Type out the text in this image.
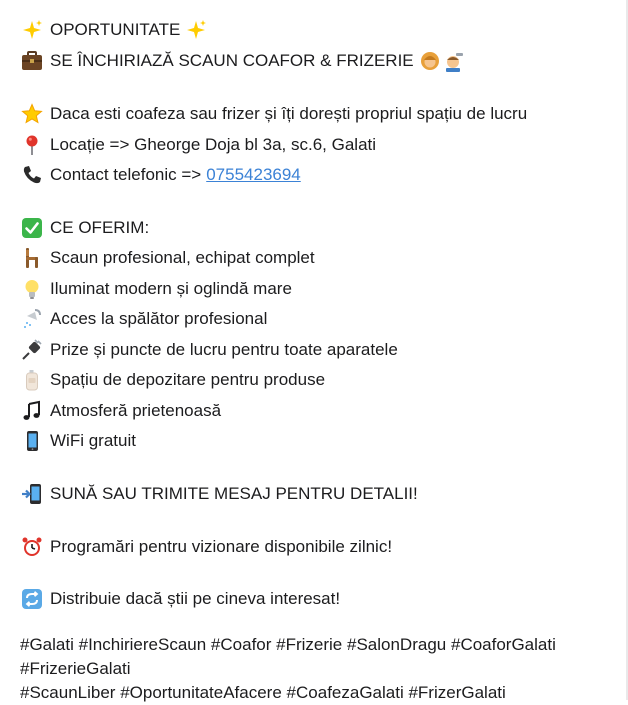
OPORTUNITATE
SE ÎNCHIRIAZĂ SCAUN COAFOR & FRIZERIE
Daca esti coafeza sau frizer și îți dorești propriul spațiu de lucru
Locație => Gheorge Doja bl 3a, sc.6, Galati
Contact telefonic => 0755423694
CE OFERIM:
Scaun profesional, echipat complet
Iluminat modern și oglindă mare
Acces la spălător profesional
Prize și puncte de lucru pentru toate aparatele
Spațiu de depozitare pentru produse
Atmosferă prietenoasă
WiFi gratuit
SUNĂ SAU TRIMITE MESAJ PENTRU DETALII!
Programări pentru vizionare disponibile zilnic!
Distribuie dacă știi pe cineva interesat!
#Galati #InchiriereScaun #Coafor #Frizerie #SalonDragu #CoaforGalati #FrizerieGalati
#ScaunLiber #OportunitateAfacere #CoafezaGalati #FrizerGalati
